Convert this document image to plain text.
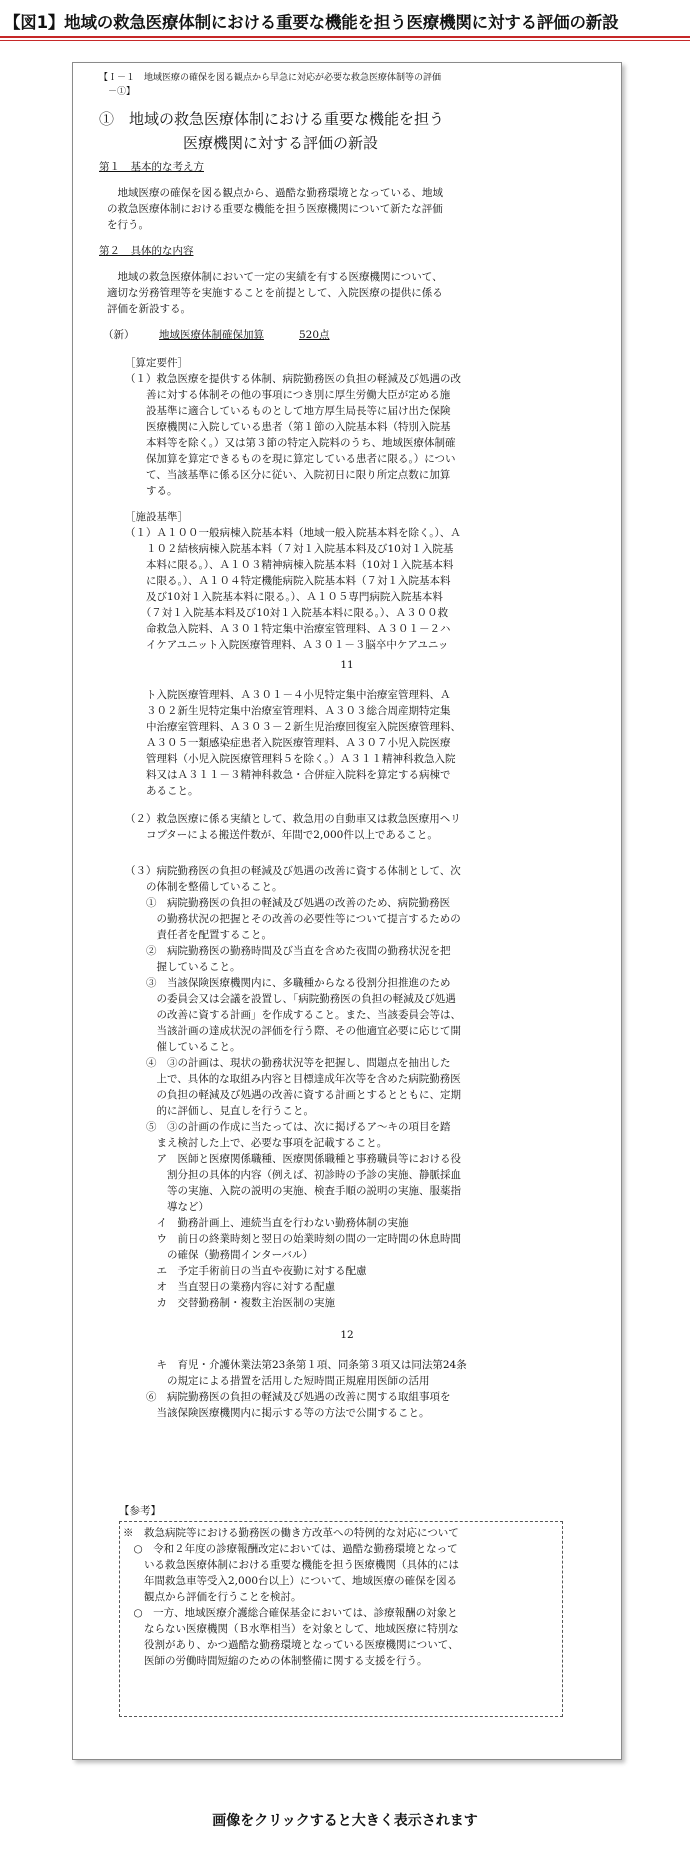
【図1】地域の救急医療体制における重要な機能を担う医療機関に対する評価の新設
【Ｉ－１　地域医療の確保を図る観点から早急に対応が必要な救急医療体制等の評価
　－①】
①　地域の救急医療体制における重要な機能を担う
医療機関に対する評価の新設
第１　基本的な考え方
　地域医療の確保を図る観点から、過酷な勤務環境となっている、地域
の救急医療体制における重要な機能を担う医療機関について新たな評価
を行う。
第２　具体的な内容
　地域の救急医療体制において一定の実績を有する医療機関について、
適切な労務管理等を実施することを前提として、入院医療の提供に係る
評価を新設する。
（新） 地域医療体制確保加算	520点
［算定要件］
（１）救急医療を提供する体制、病院勤務医の負担の軽減及び処遇の改
　　善に対する体制その他の事項につき別に厚生労働大臣が定める施
　　設基準に適合しているものとして地方厚生局長等に届け出た保険
　　医療機関に入院している患者（第１節の入院基本料（特別入院基
　　本料等を除く。）又は第３節の特定入院料のうち、地域医療体制確
　　保加算を算定できるものを現に算定している患者に限る。）につい
　　て、当該基準に係る区分に従い、入院初日に限り所定点数に加算
　　する。
［施設基準］
（１）Ａ１００一般病棟入院基本料（地域一般入院基本料を除く。）、Ａ
　　１０２結核病棟入院基本料（７対１入院基本料及び10対１入院基
　　本料に限る。）、Ａ１０３精神病棟入院基本料（10対１入院基本料
　　に限る。）、Ａ１０４特定機能病院入院基本料（７対１入院基本料
　　及び10対１入院基本料に限る。）、Ａ１０５専門病院入院基本料
　　（７対１入院基本料及び10対１入院基本料に限る。）、Ａ３００救
　　命救急入院料、Ａ３０１特定集中治療室管理料、Ａ３０１－２ハ
　　イケアユニット入院医療管理料、Ａ３０１－３脳卒中ケアユニッ
11
　　ト入院医療管理料、Ａ３０１－４小児特定集中治療室管理料、Ａ
　　３０２新生児特定集中治療室管理料、Ａ３０３総合周産期特定集
　　中治療室管理料、Ａ３０３－２新生児治療回復室入院医療管理料、
　　Ａ３０５一類感染症患者入院医療管理料、Ａ３０７小児入院医療
　　管理料（小児入院医療管理料５を除く。）Ａ３１１精神科救急入院
　　料又はＡ３１１－３精神科救急・合併症入院料を算定する病棟で
　　あること。
（２）救急医療に係る実績として、救急用の自動車又は救急医療用ヘリ
　　コプターによる搬送件数が、年間で2,000件以上であること。
（３）病院勤務医の負担の軽減及び処遇の改善に資する体制として、次
　　の体制を整備していること。
　　①　病院勤務医の負担の軽減及び処遇の改善のため、病院勤務医
　　　の勤務状況の把握とその改善の必要性等について提言するための
　　　責任者を配置すること。
　　②　病院勤務医の勤務時間及び当直を含めた夜間の勤務状況を把
　　　握していること。
　　③　当該保険医療機関内に、多職種からなる役割分担推進のため
　　　の委員会又は会議を設置し、「病院勤務医の負担の軽減及び処遇
　　　の改善に資する計画」を作成すること。また、当該委員会等は、
　　　当該計画の達成状況の評価を行う際、その他適宜必要に応じて開
　　　催していること。
　　④　③の計画は、現状の勤務状況等を把握し、問題点を抽出した
　　　上で、具体的な取組み内容と目標達成年次等を含めた病院勤務医
　　　の負担の軽減及び処遇の改善に資する計画とするとともに、定期
　　　的に評価し、見直しを行うこと。
　　⑤　③の計画の作成に当たっては、次に掲げるア～キの項目を踏
　　　まえ検討した上で、必要な事項を記載すること。
　　　ア　医師と医療関係職種、医療関係職種と事務職員等における役
　　　　割分担の具体的内容（例えば、初診時の予診の実施、静脈採血
　　　　等の実施、入院の説明の実施、検査手順の説明の実施、服薬指
　　　　導など）
　　　イ　勤務計画上、連続当直を行わない勤務体制の実施
　　　ウ　前日の終業時刻と翌日の始業時刻の間の一定時間の休息時間
　　　　の確保（勤務間インターバル）
　　　エ　予定手術前日の当直や夜勤に対する配慮
　　　オ　当直翌日の業務内容に対する配慮
　　　カ　交替勤務制・複数主治医制の実施
12
　　　キ　育児・介護休業法第23条第１項、同条第３項又は同法第24条
　　　　の規定による措置を活用した短時間正規雇用医師の活用
　　⑥　病院勤務医の負担の軽減及び処遇の改善に関する取組事項を
　　　当該保険医療機関内に掲示する等の方法で公開すること。
【参考】
※　救急病院等における勤務医の働き方改革への特例的な対応について
　○　令和２年度の診療報酬改定においては、過酷な勤務環境となって
　　いる救急医療体制における重要な機能を担う医療機関（具体的には
　　年間救急車等受入2,000台以上）について、地域医療の確保を図る
　　観点から評価を行うことを検討。
　○　一方、地域医療介護総合確保基金においては、診療報酬の対象と
　　ならない医療機関（Ｂ水準相当）を対象として、地域医療に特別な
　　役割があり、かつ過酷な勤務環境となっている医療機関について、
　　医師の労働時間短縮のための体制整備に関する支援を行う。
画像をクリックすると大きく表示されます
